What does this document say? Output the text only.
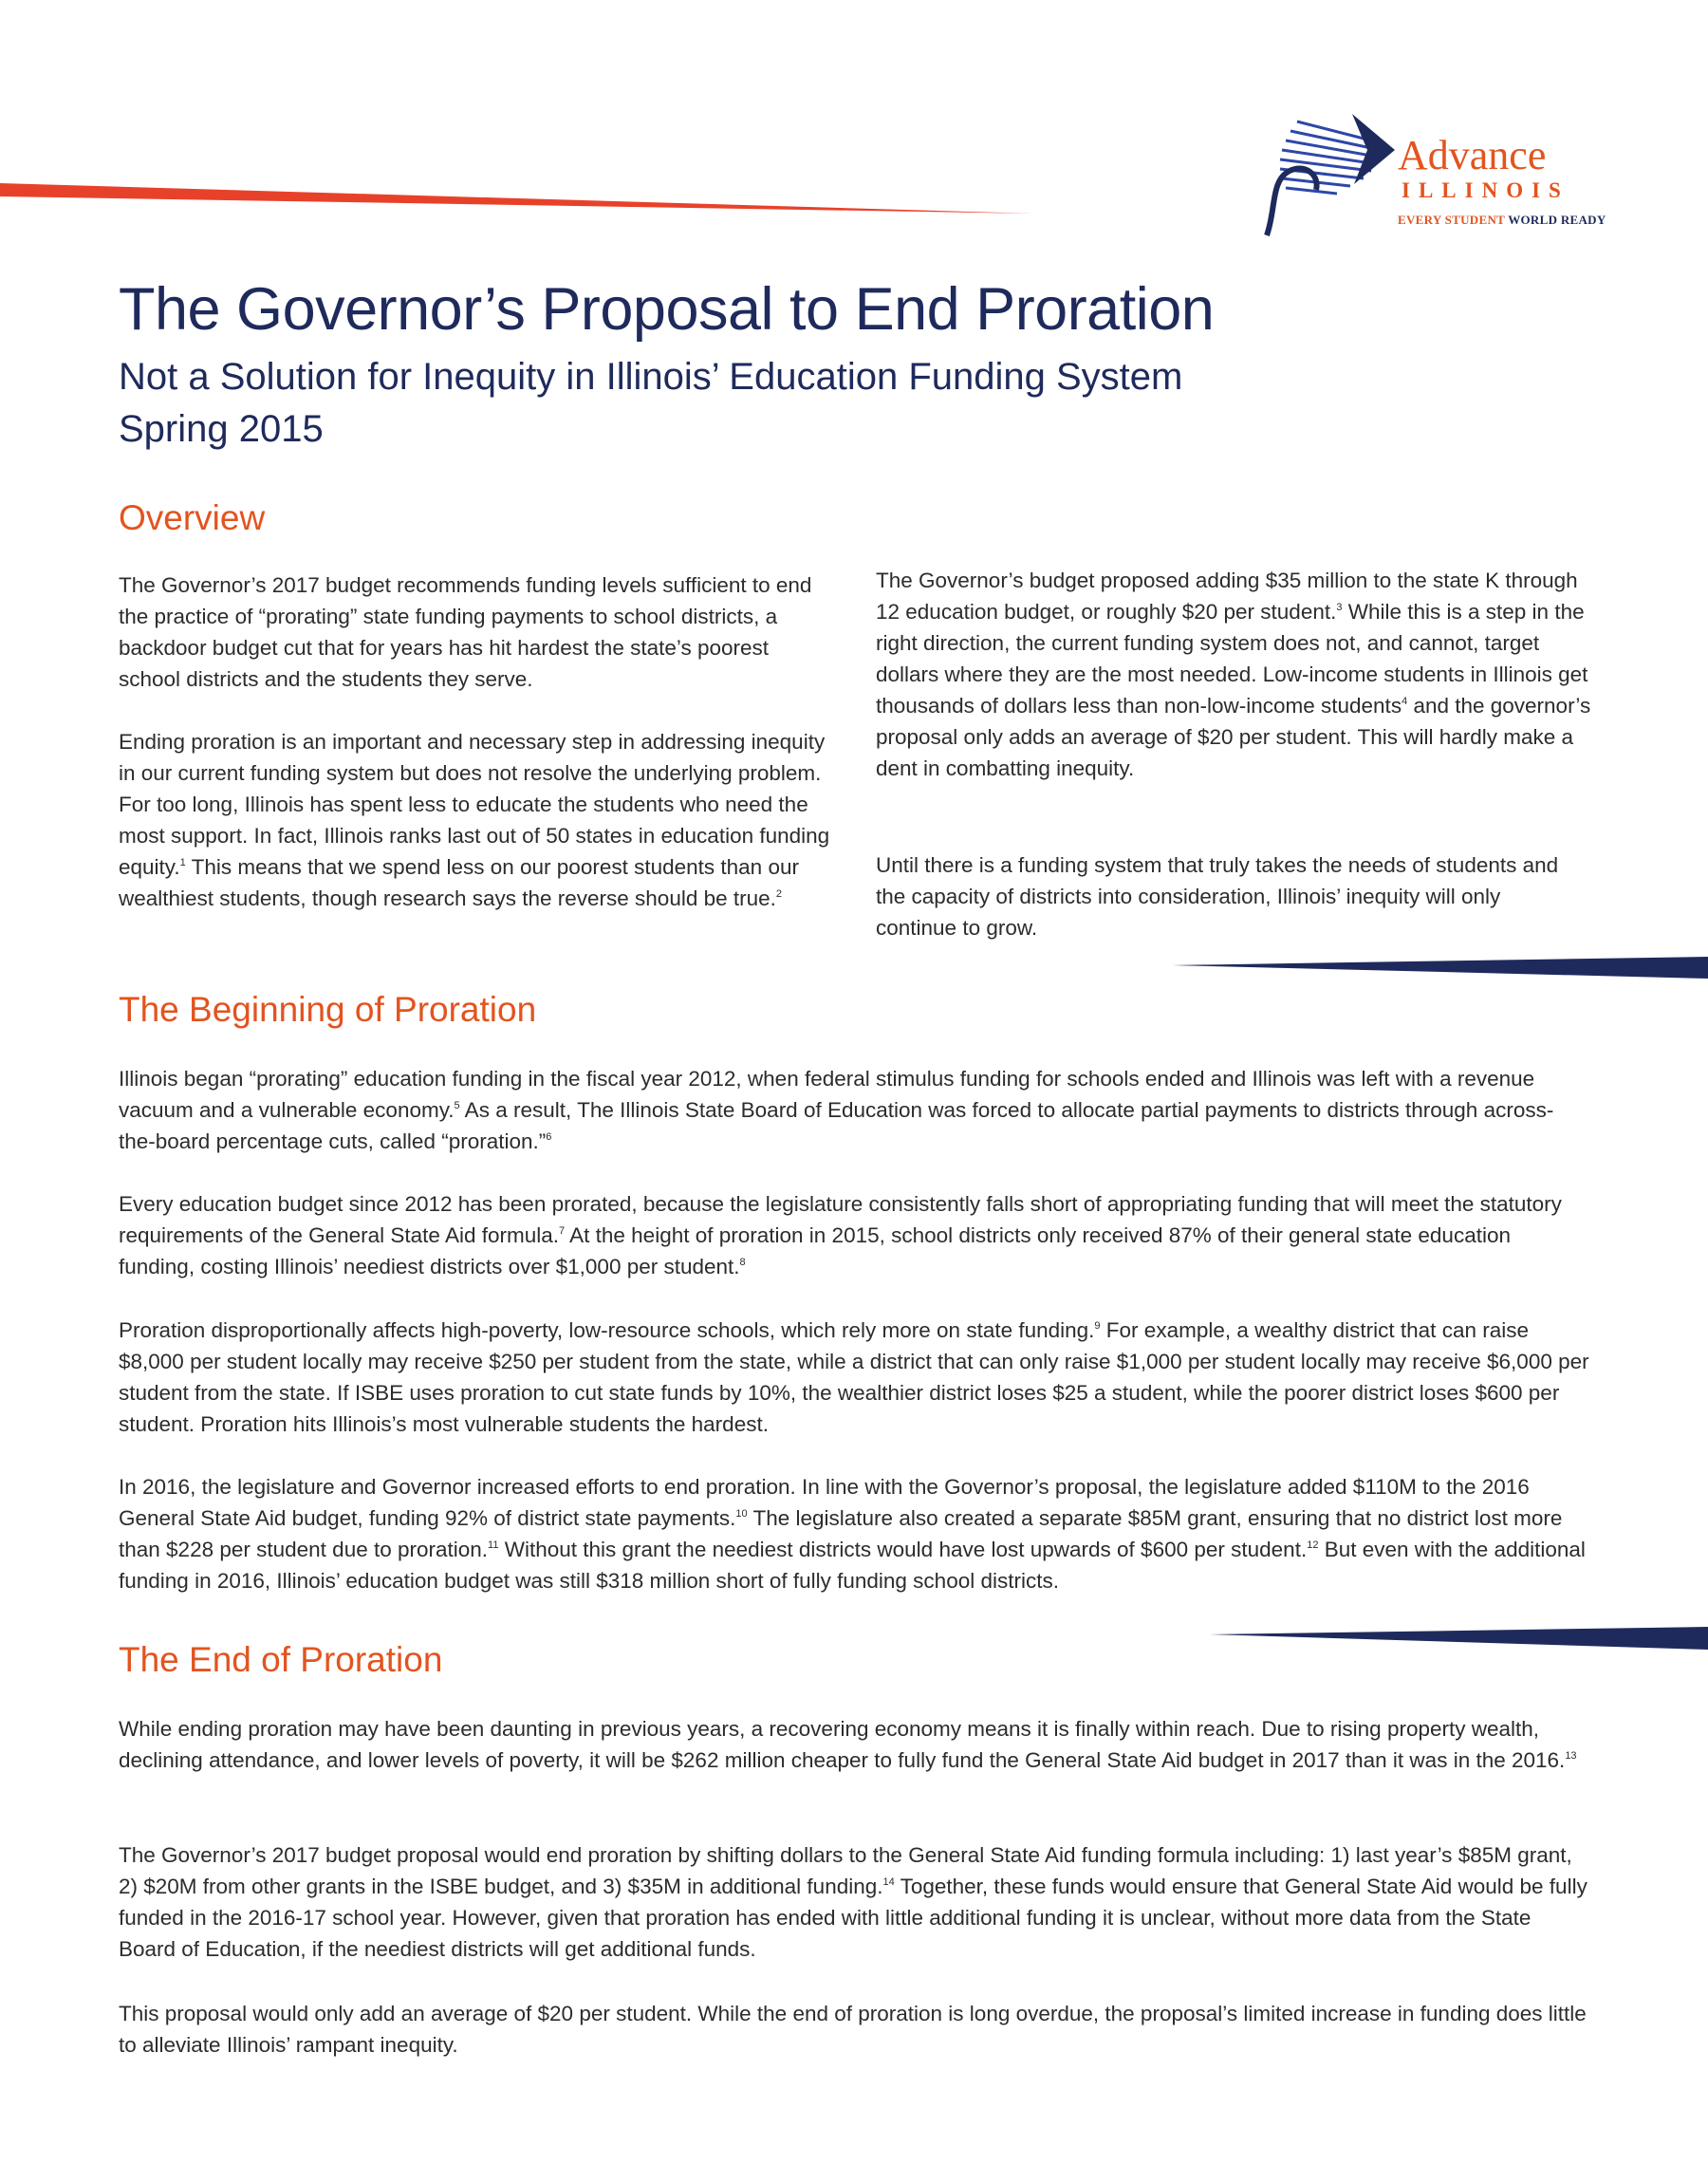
Advance
ILLINOIS
EVERY STUDENT WORLD READY
The Governor’s Proposal to End Proration
Not a Solution for Inequity in Illinois’ Education Funding System
Spring 2015
Overview

The Governor’s 2017 budget recommends funding levels sufficient to end the practice of “prorating” state funding payments to school districts, a backdoor budget cut that for years has hit hardest the state’s poorest school districts and the students they serve.

Ending proration is an important and necessary step in addressing inequity in our current funding system but does not resolve the underlying problem. For too long, Illinois has spent less to educate the students who need the most support. In fact, Illinois ranks last out of 50 states in education funding equity.$^1$ This means that we spend less on our poorest students than our wealthiest students, though research says the reverse should be true.$^2$

The Governor’s budget proposed adding $35 million to the state K through 12 education budget, or roughly $20 per student.$^3$ While this is a step in the right direction, the current funding system does not, and cannot, target dollars where they are the most needed. Low-income students in Illinois get thousands of dollars less than non-low-income students$^4$ and the governor’s proposal only adds an average of $20 per student. This will hardly make a dent in combatting inequity.

Until there is a funding system that truly takes the needs of students and the capacity of districts into consideration, Illinois’ inequity will only continue to grow.

The Beginning of Proration

Illinois began “prorating” education funding in the fiscal year 2012, when federal stimulus funding for schools ended and Illinois was left with a revenue vacuum and a vulnerable economy.$^5$ As a result, The Illinois State Board of Education was forced to allocate partial payments to districts through across-the-board percentage cuts, called “proration.”$^6$

Every education budget since 2012 has been prorated, because the legislature consistently falls short of appropriating funding that will meet the statutory requirements of the General State Aid formula.$^7$ At the height of proration in 2015, school districts only received 87% of their general state education funding, costing Illinois’ neediest districts over $1,000 per student.$^8$

Proration disproportionally affects high-poverty, low-resource schools, which rely more on state funding.$^9$ For example, a wealthy district that can raise $8,000 per student locally may receive $250 per student from the state, while a district that can only raise $1,000 per student locally may receive $6,000 per student from the state. If ISBE uses proration to cut state funds by 10%, the wealthier district loses $25 a student, while the poorer district loses $600 per student. Proration hits Illinois’s most vulnerable students the hardest.

In 2016, the legislature and Governor increased efforts to end proration. In line with the Governor’s proposal, the legislature added $110M to the 2016 General State Aid budget, funding 92% of district state payments.$^{10}$ The legislature also created a separate $85M grant, ensuring that no district lost more than $228 per student due to proration.$^{11}$ Without this grant the neediest districts would have lost upwards of $600 per student.$^{12}$ But even with the additional funding in 2016, Illinois’ education budget was still $318 million short of fully funding school districts.

The End of Proration

While ending proration may have been daunting in previous years, a recovering economy means it is finally within reach. Due to rising property wealth, declining attendance, and lower levels of poverty, it will be $262 million cheaper to fully fund the General State Aid budget in 2017 than it was in the 2016.13

The Governor’s 2017 budget proposal would end proration by shifting dollars to the General State Aid funding formula including: 1) last year’s $85M grant, 2) $20M from other grants in the ISBE budget, and 3) $35M in additional funding.$^{14}$ Together, these funds would ensure that General State Aid would be fully funded in the 2016-17 school year. However, given that proration has ended with little additional funding it is unclear, without more data from the State Board of Education, if the neediest districts will get additional funds.

This proposal would only add an average of $20 per student. While the end of proration is long overdue, the proposal’s limited increase in funding does little to alleviate Illinois’ rampant inequity.
